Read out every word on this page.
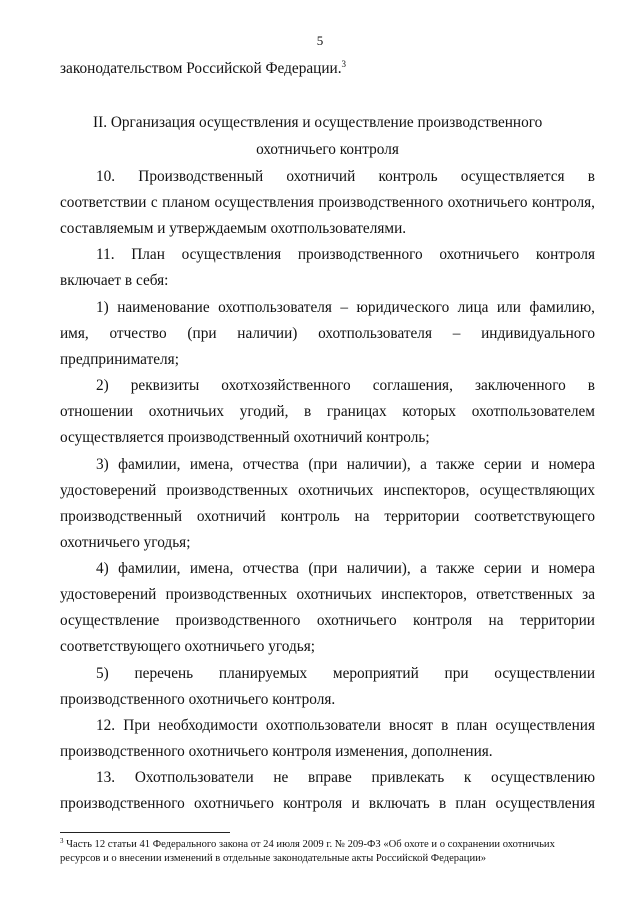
5
законодательством Российской Федерации.$^3$
II. Организация осуществления и осуществление производственного
охотничьего контроля
10. Производственный охотничий контроль осуществляется в
соответствии с планом осуществления производственного охотничьего контроля,
составляемым и утверждаемым охотпользователями.
11. План осуществления производственного охотничьего контроля
включает в себя:
1) наименование охотпользователя – юридического лица или фамилию,
имя, отчество (при наличии) охотпользователя – индивидуального
предпринимателя;
2) реквизиты охотхозяйственного соглашения, заключенного в
отношении охотничьих угодий, в границах которых охотпользователем
осуществляется производственный охотничий контроль;
3) фамилии, имена, отчества (при наличии), а также серии и номера
удостоверений производственных охотничьих инспекторов, осуществляющих
производственный охотничий контроль на территории соответствующего
охотничьего угодья;
4) фамилии, имена, отчества (при наличии), а также серии и номера
удостоверений производственных охотничьих инспекторов, ответственных за
осуществление производственного охотничьего контроля на территории
соответствующего охотничьего угодья;
5) перечень планируемых мероприятий при осуществлении
производственного охотничьего контроля.
12. При необходимости охотпользователи вносят в план осуществления
производственного охотничьего контроля изменения, дополнения.
13. Охотпользователи не вправе привлекать к осуществлению
производственного охотничьего контроля и включать в план осуществления
$^3$ Часть 12 статьи 41 Федерального закона от 24 июля 2009 г. № 209-ФЗ «Об охоте и о сохранении охотничьих
ресурсов и о внесении изменений в отдельные законодательные акты Российской Федерации»
